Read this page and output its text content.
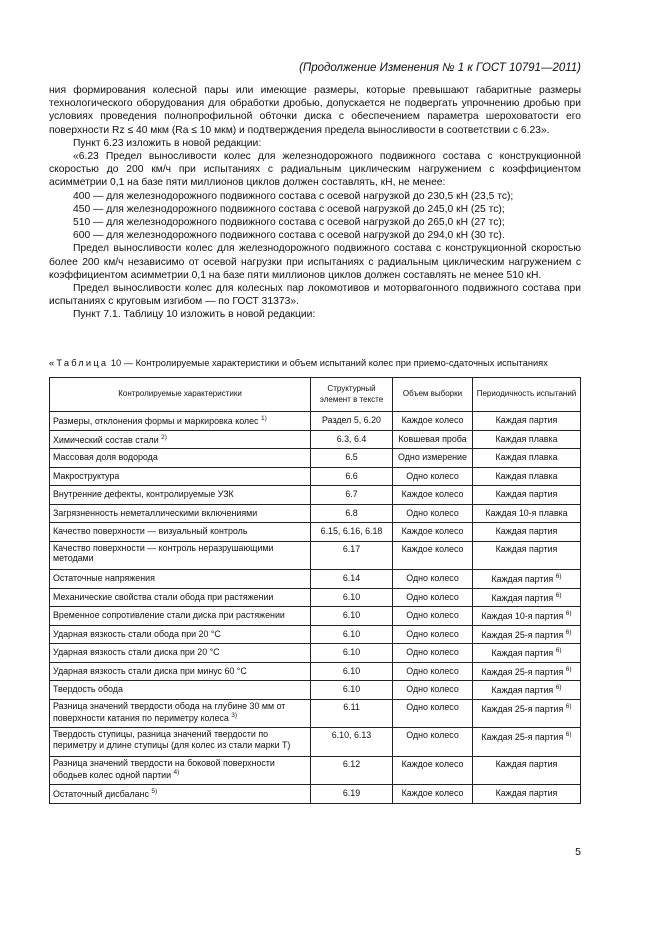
(Продолжение Изменения № 1 к ГОСТ 10791—2011)

ния формирования колесной пары или имеющие размеры, которые превышают габаритные размеры технологического оборудования для обработки дробью, допускается не подвергать упрочнению дробью при условиях проведения полнопрофильной обточки диска с обеспечением параметра шероховатости его поверхности Rz ≤ 40 мкм (Ra ≤ 10 мкм) и подтверждения предела выносливости в соответствии с 6.23».

Пункт 6.23 изложить в новой редакции:

«6.23 Предел выносливости колес для железнодорожного подвижного состава с конструкционной скоростью до 200 км/ч при испытаниях с радиальным циклическим нагружением с коэффициентом асимметрии 0,1 на базе пяти миллионов циклов должен составлять, кН, не менее:

400 — для железнодорожного подвижного состава с осевой нагрузкой до 230,5 кН (23,5 тс);

450 — для железнодорожного подвижного состава с осевой нагрузкой до 245,0 кН (25 тс);

510 — для железнодорожного подвижного состава с осевой нагрузкой до 265,0 кН (27 тс);

600 — для железнодорожного подвижного состава с осевой нагрузкой до 294,0 кН (30 тс).

Предел выносливости колес для железнодорожного подвижного состава с конструкционной скоростью более 200 км/ч независимо от осевой нагрузки при испытаниях с радиальным циклическим нагружением с коэффициентом асимметрии 0,1 на базе пяти миллионов циклов должен составлять не менее 510 кН.

Предел выносливости колес для колесных пар локомотивов и моторвагонного подвижного состава при испытаниях с круговым изгибом — по ГОСТ 31373».

Пункт 7.1. Таблицу 10 изложить в новой редакции:

«Таблица 10 — Контролируемые характеристики и объем испытаний колес при приемо-сдаточных испытаниях
Контролируемые характеристики	Структурный элемент в тексте	Объем выборки	Периодичность испытаний
Размеры, отклонения формы и маркировка колес $^{1)}$	Раздел 5, 6.20	Каждое колесо	Каждая партия
Химический состав стали $^{2)}$	6.3, 6.4	Ковшевая проба	Каждая плавка
Массовая доля водорода	6.5	Одно измерение	Каждая плавка
Макроструктура	6.6	Одно колесо	Каждая плавка
Внутренние дефекты, контролируемые УЗК	6.7	Каждое колесо	Каждая партия
Загрязненность неметаллическими включениями	6.8	Одно колесо	Каждая 10-я плавка
Качество поверхности — визуальный контроль	6.15, 6.16, 6.18	Каждое колесо	Каждая партия
Качество поверхности — контроль неразрушающими методами	6.17	Каждое колесо	Каждая партия
Остаточные напряжения	6.14	Одно колесо	Каждая партия $^{6)}$
Механические свойства стали обода при растяжении	6.10	Одно колесо	Каждая партия $^{6)}$
Временное сопротивление стали диска при растяжении	6.10	Одно колесо	Каждая 10-я партия $^{6)}$
Ударная вязкость стали обода при 20 °С	6.10	Одно колесо	Каждая 25-я партия $^{6)}$
Ударная вязкость стали диска при 20 °С	6.10	Одно колесо	Каждая партия $^{6)}$
Ударная вязкость стали диска при минус 60 °С	6.10	Одно колесо	Каждая 25-я партия $^{6)}$
Твердость обода	6.10	Одно колесо	Каждая партия $^{6)}$
Разница значений твердости обода на глубине 30 мм от поверхности катания по периметру колеса $^{3)}$	6.11	Одно колесо	Каждая 25-я партия $^{6)}$
Твердость ступицы, разница значений твердости по периметру и длине ступицы (для колес из стали марки Т)	6.10, 6.13	Одно колесо	Каждая 25-я партия $^{6)}$
Разница значений твердости на боковой поверхности ободьев колес одной партии $^{4)}$	6.12	Каждое колесо	Каждая партия
Остаточный дисбаланс $^{5)}$	6.19	Каждое колесо	Каждая партия
5
